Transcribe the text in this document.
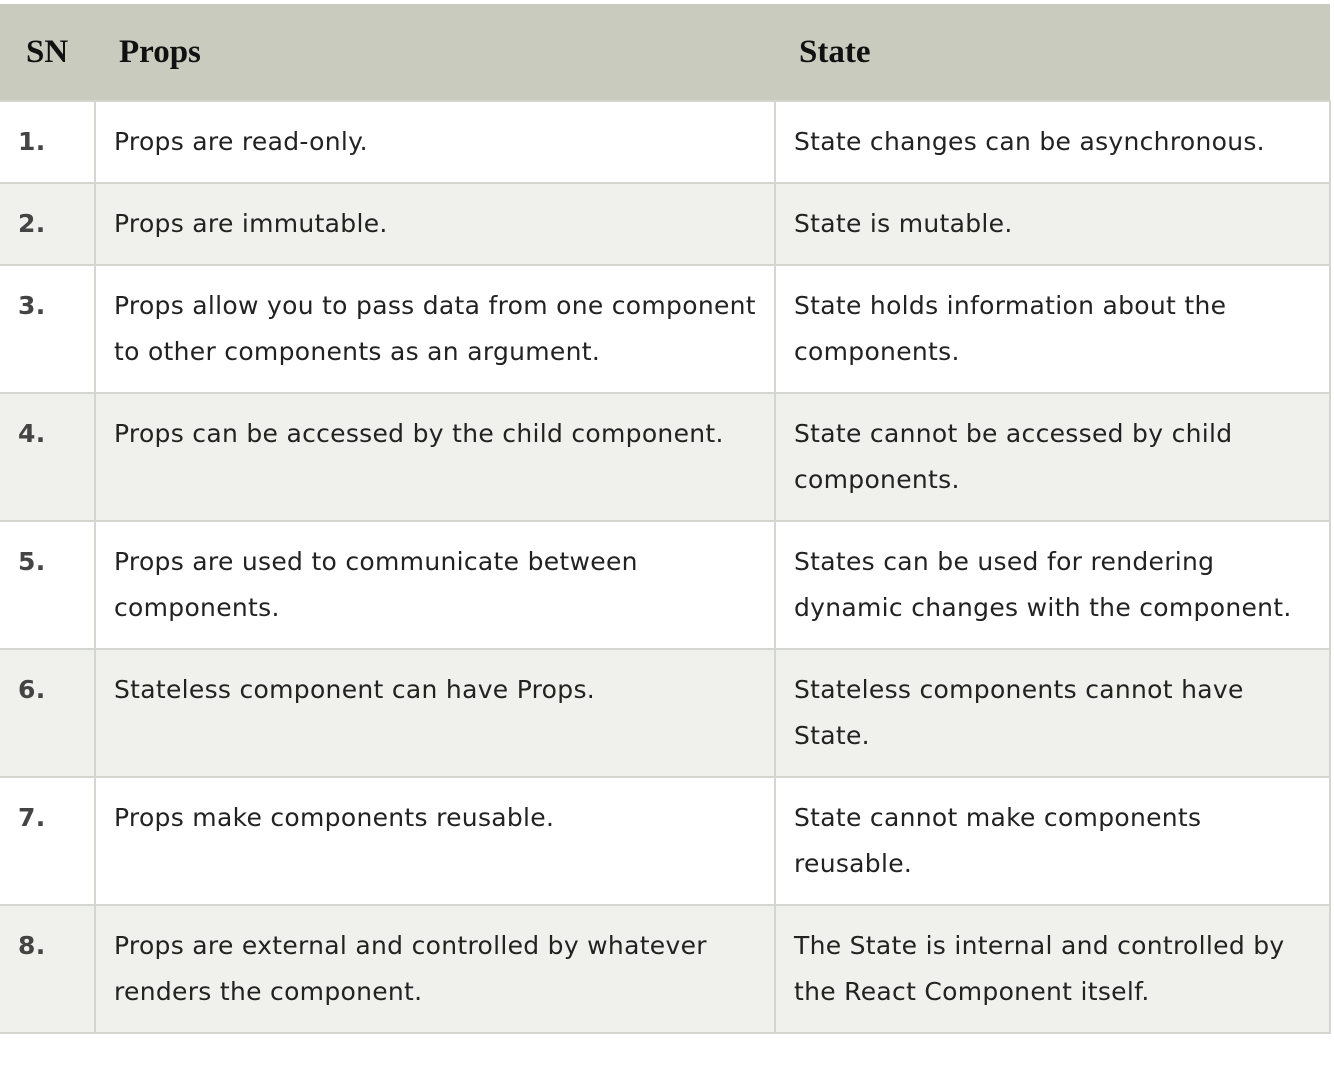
SN	Props	State
1.	Props are read-only.	State changes can be asynchronous.
2.	Props are immutable.	State is mutable.
3.	Props allow you to pass data from one component to other components as an argument.	State holds information about the components.
4.	Props can be accessed by the child component.	State cannot be accessed by child components.
5.	Props are used to communicate between components.	States can be used for rendering dynamic changes with the component.
6.	Stateless component can have Props.	Stateless components cannot have State.
7.	Props make components reusable.	State cannot make components reusable.
8.	Props are external and controlled by whatever renders the component.	The State is internal and controlled by the React Component itself.
